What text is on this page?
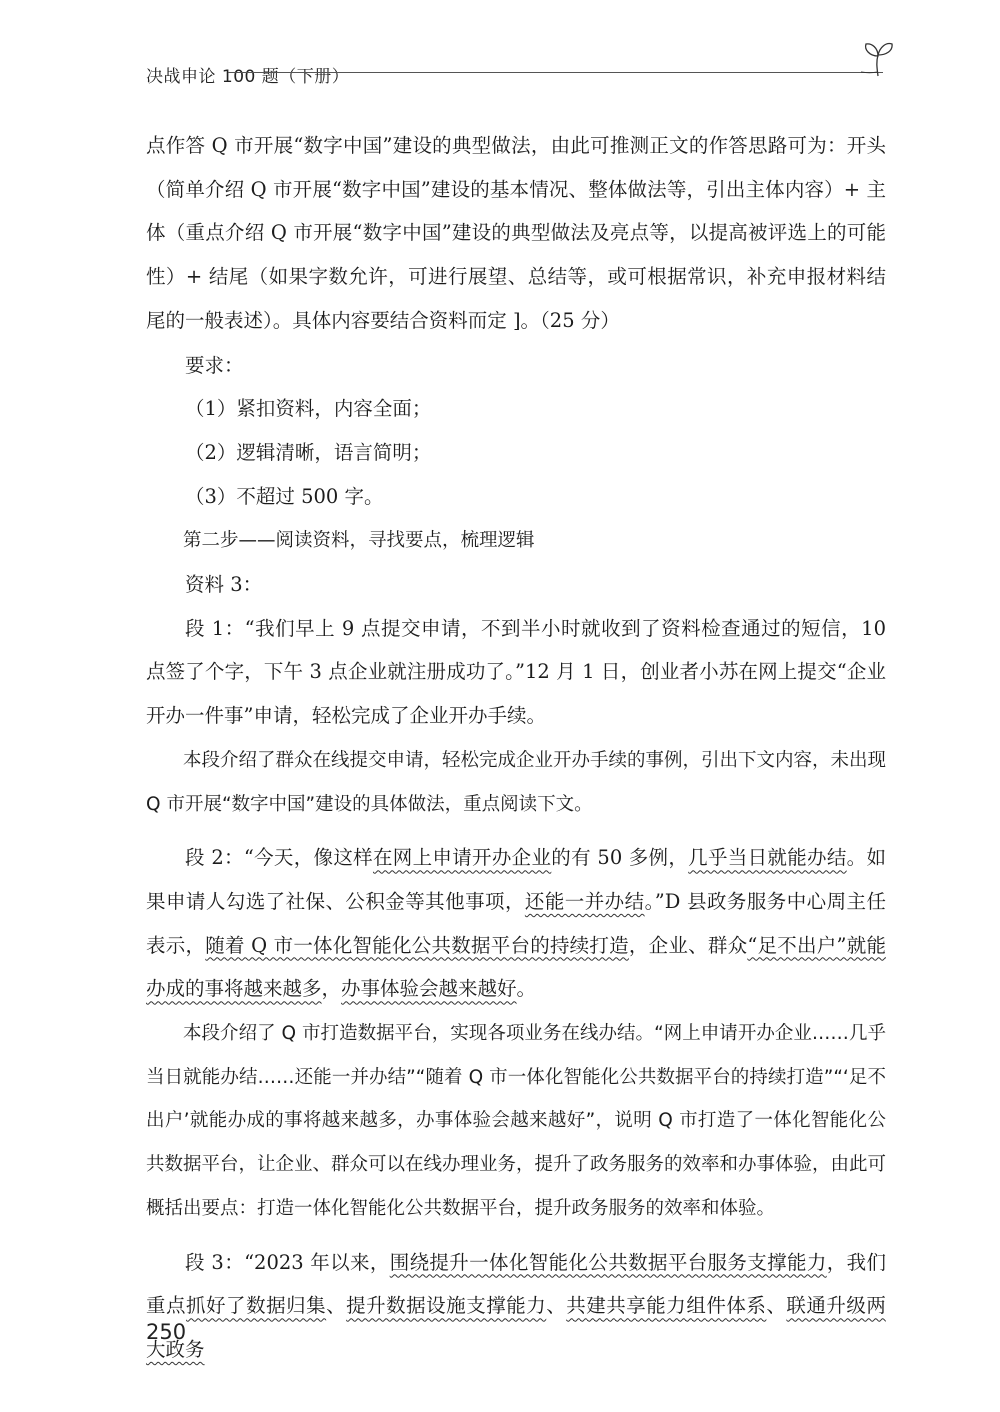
决战申论 100 题（下册）

点作答 Q 市开展“数字中国”建设的典型做法，由此可推测正文的作答思路可为：开头（简单介绍 Q 市开展“数字中国”建设的基本情况、整体做法等，引出主体内容）+ 主体（重点介绍 Q 市开展“数字中国”建设的典型做法及亮点等，以提高被评选上的可能性）+ 结尾（如果字数允许，可进行展望、总结等，或可根据常识，补充申报材料结尾的一般表述）。具体内容要结合资料而定 ]。（25 分）

要求：

（1）紧扣资料，内容全面；

（2）逻辑清晰，语言简明；

（3）不超过 500 字。

第二步——阅读资料，寻找要点，梳理逻辑

资料 3：

段 1：“我们早上 9 点提交申请，不到半小时就收到了资料检查通过的短信，10 点签了个字，下午 3 点企业就注册成功了。”12 月 1 日，创业者小苏在网上提交“企业开办一件事”申请，轻松完成了企业开办手续。

本段介绍了群众在线提交申请，轻松完成企业开办手续的事例，引出下文内容，未出现 Q 市开展“数字中国”建设的具体做法，重点阅读下文。

段 2：“今天，像这样在网上申请开办企业的有 50 多例，几乎当日就能办结。如果申请人勾选了社保、公积金等其他事项，还能一并办结。”D 县政务服务中心周主任表示，随着 Q 市一体化智能化公共数据平台的持续打造，企业、群众“足不出户”就能办成的事将越来越多，办事体验会越来越好。

本段介绍了 Q 市打造数据平台，实现各项业务在线办结。“网上申请开办企业……几乎当日就能办结……还能一并办结”“随着 Q 市一体化智能化公共数据平台的持续打造”“‘足不出户’就能办成的事将越来越多，办事体验会越来越好”，说明 Q 市打造了一体化智能化公共数据平台，让企业、群众可以在线办理业务，提升了政务服务的效率和办事体验，由此可概括出要点：打造一体化智能化公共数据平台，提升政务服务的效率和体验。

段 3：“2023 年以来，围绕提升一体化智能化公共数据平台服务支撑能力，我们重点抓好了数据归集、提升数据设施支撑能力、共建共享能力组件体系、联通升级两大政务

250
